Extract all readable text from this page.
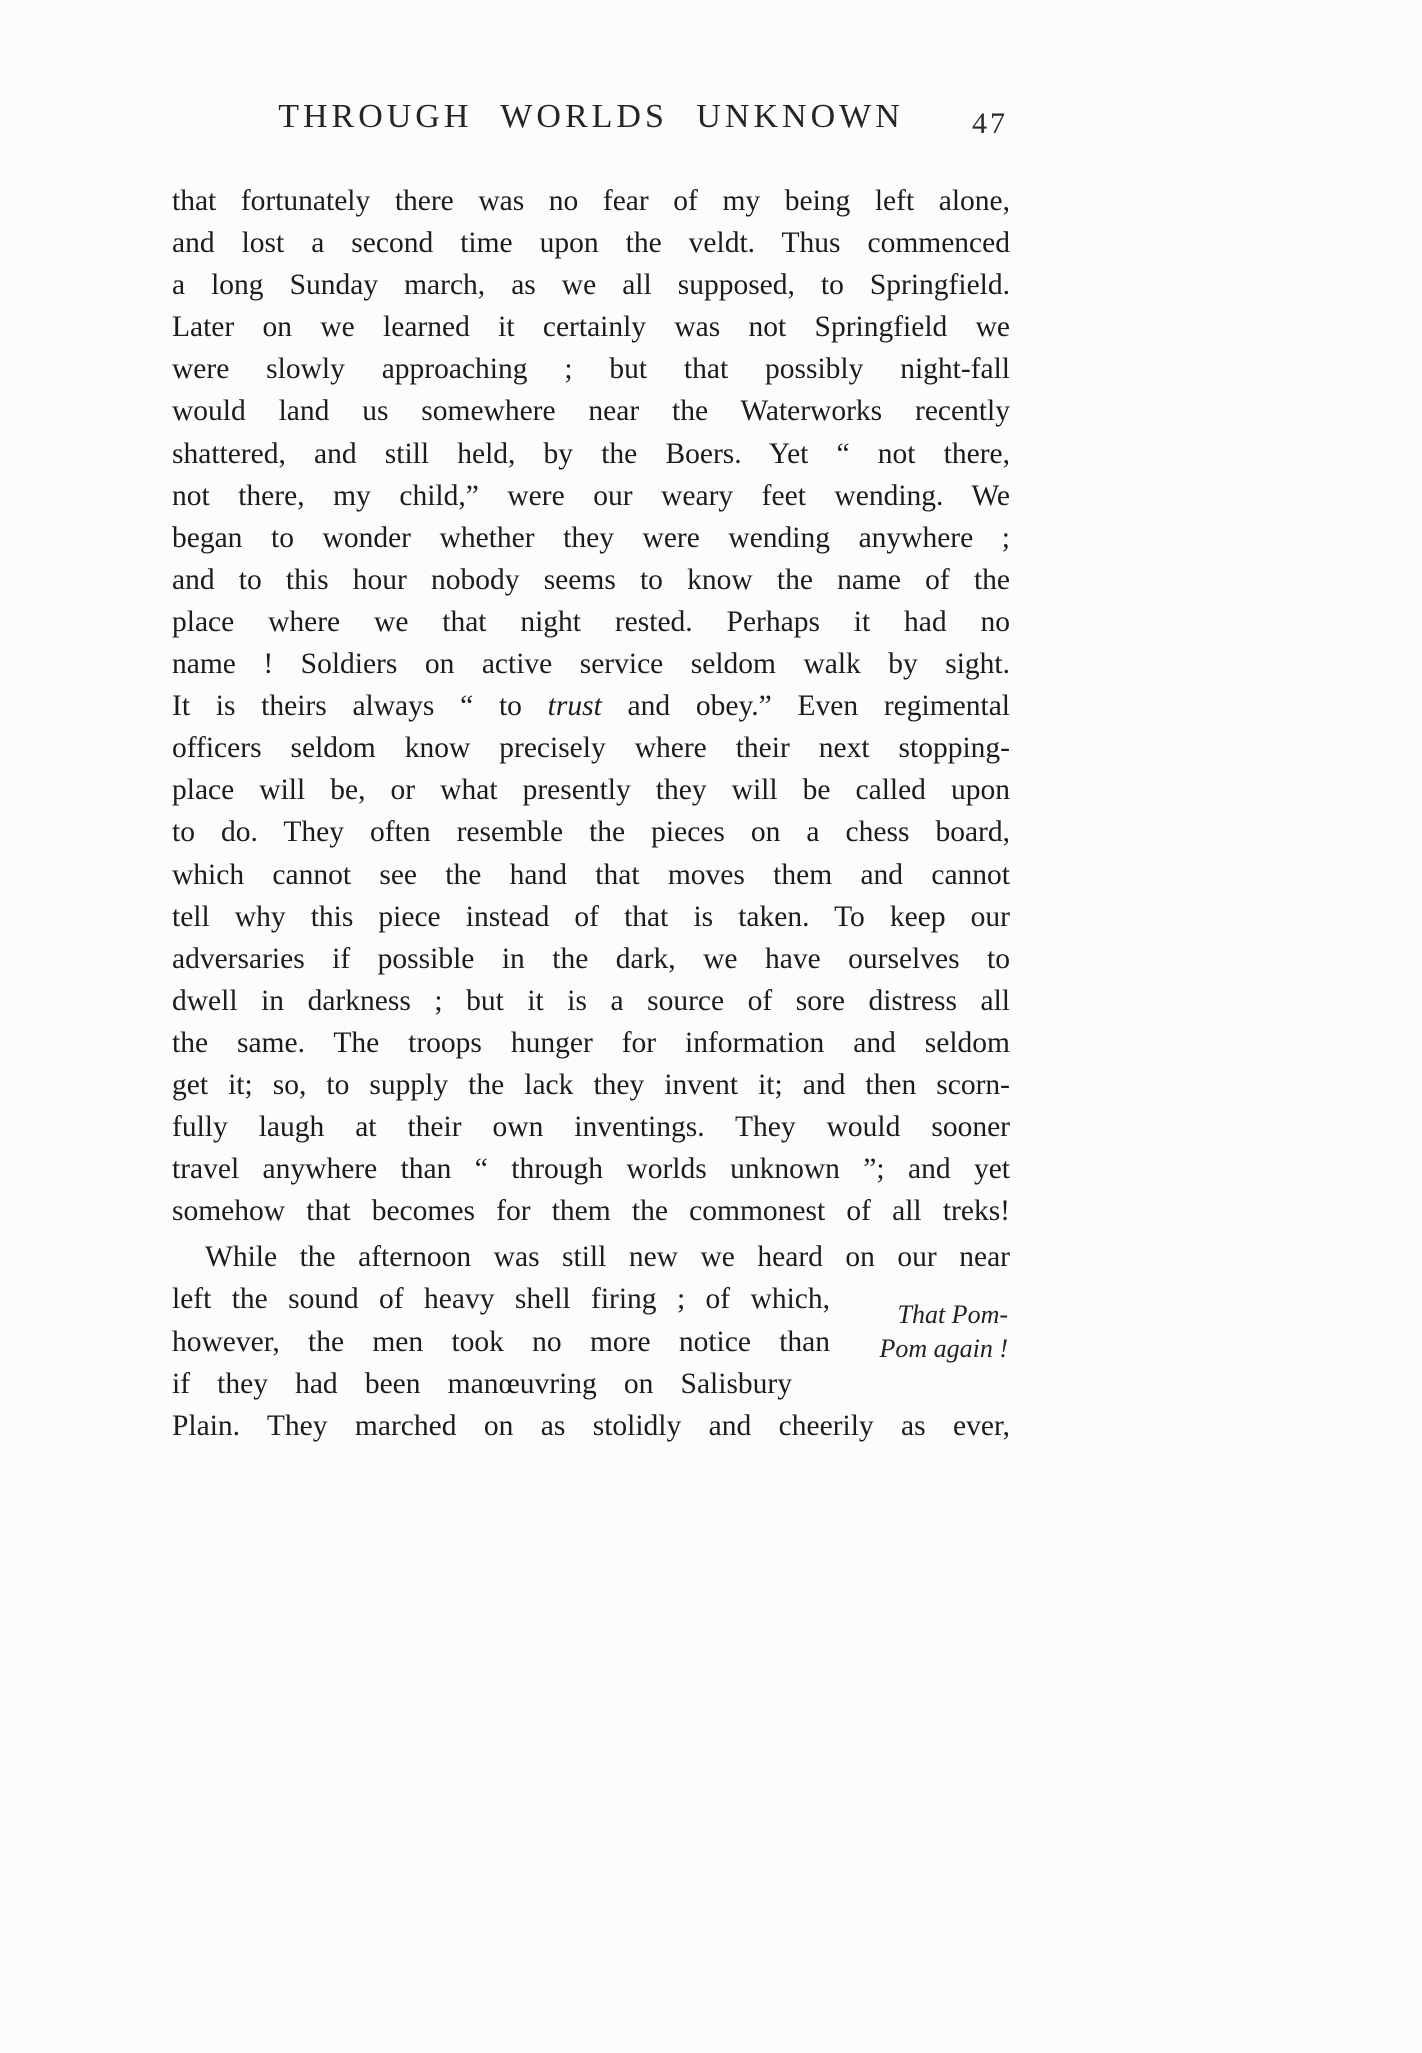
THROUGH WORLDS UNKNOWN	47
that fortunately there was no fear of my being left alone,
and lost a second time upon the veldt. Thus commenced
a long Sunday march, as we all supposed, to Springfield.
Later on we learned it certainly was not Springfield we
were slowly approaching ; but that possibly night-fall
would land us somewhere near the Waterworks recently
shattered, and still held, by the Boers. Yet “ not there,
not there, my child,” were our weary feet wending. We
began to wonder whether they were wending anywhere ;
and to this hour nobody seems to know the name of the
place where we that night rested. Perhaps it had no
name ! Soldiers on active service seldom walk by sight.
It is theirs always “ to trust and obey.” Even regimental
officers seldom know precisely where their next stopping-
place will be, or what presently they will be called upon
to do. They often resemble the pieces on a chess board,
which cannot see the hand that moves them and cannot
tell why this piece instead of that is taken. To keep our
adversaries if possible in the dark, we have ourselves to
dwell in darkness ; but it is a source of sore distress all
the same. The troops hunger for information and seldom
get it; so, to supply the lack they invent it; and then scorn-
fully laugh at their own inventings. They would sooner
travel anywhere than “ through worlds unknown ”; and yet
somehow that becomes for them the commonest of all treks!
While the afternoon was still new we heard on our near
left the sound of heavy shell firing ; of which,
however, the men took no more notice than
if they had been manœuvring on Salisbury
Plain. They marched on as stolidly and cheerily as ever,
That Pom-
Pom again !
